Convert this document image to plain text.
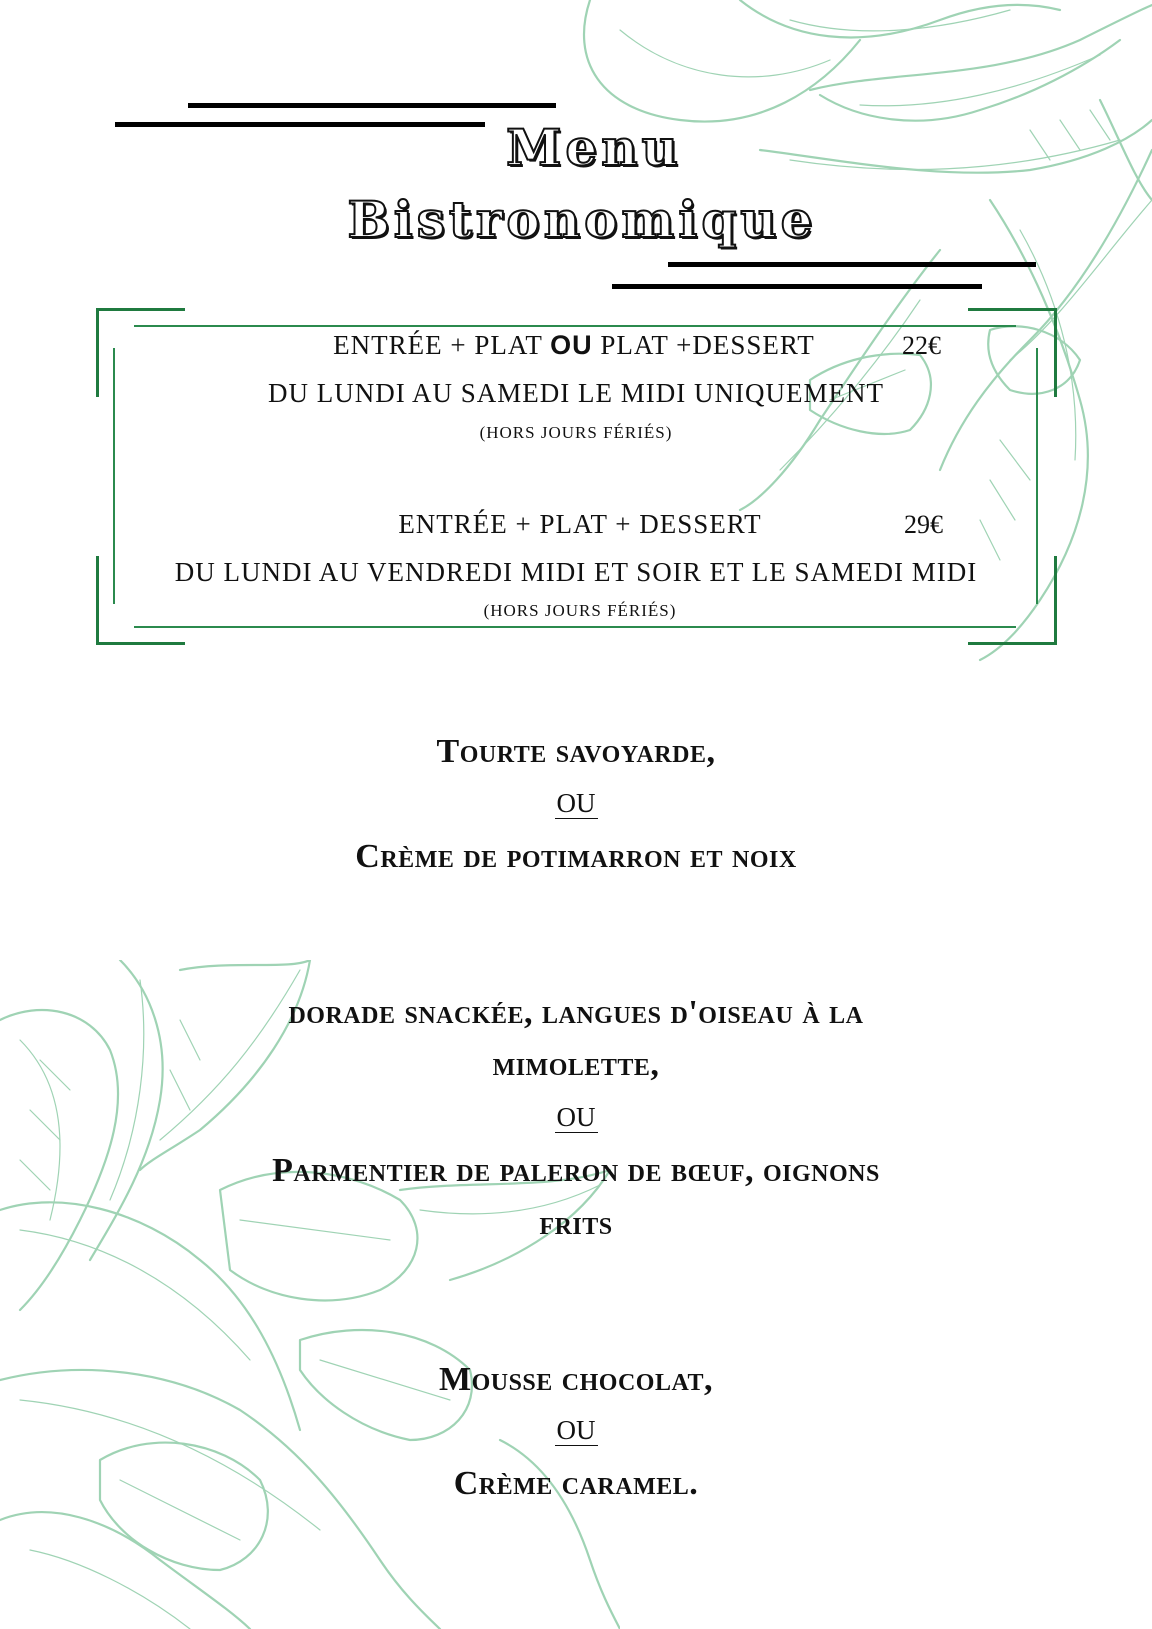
Menu
Bistronomique
ENTRÉE + PLAT OU PLAT +DESSERT	22€
DU LUNDI AU SAMEDI LE MIDI UNIQUEMENT
(HORS JOURS FÉRIÉS)
ENTRÉE + PLAT + DESSERT	29€
DU LUNDI AU VENDREDI MIDI ET SOIR ET LE SAMEDI MIDI
(HORS JOURS FÉRIÉS)
Tourte savoyarde,
OU
Crème de potimarron et noix
dorade snackée, langues d'oiseau à la
mimolette,
OU
Parmentier de paleron de bœuf, oignons
frits
Mousse chocolat,
OU
Crème caramel.
